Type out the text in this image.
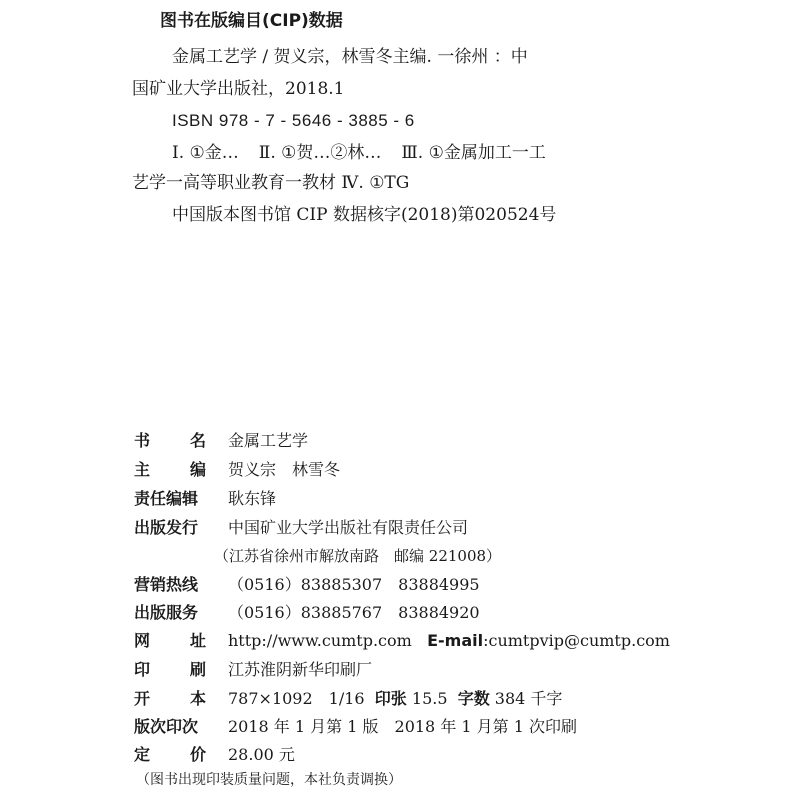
图书在版编目(CIP)数据
金属工艺学 / 贺义宗，林雪冬主编. 一徐州 ：中
国矿业大学出版社，2018.1
ISBN 978 - 7 - 5646 - 3885 - 6
Ⅰ. ①金… Ⅱ. ①贺…②林… Ⅲ. ①金属加工一工
艺学一高等职业教育一教材 Ⅳ. ①TG
中国版本图书馆 CIP 数据核字(2018)第020524号
书 名 金属工艺学
主 编 贺义宗　林雪冬
责任编辑	耿东锋
出版发行	中国矿业大学出版社有限责任公司
（江苏省徐州市解放南路　邮编 221008）
营销热线	（0516）83885307　83884995
出版服务	（0516）83885767　83884920
网 址 http://www.cumtp.com E-mail:cumtpvip@cumtp.com
印 刷 江苏淮阴新华印刷厂
开 本 787×1092　1/16 印张 15.5 字数 384 千字
版次印次	2018 年 1 月第 1 版　2018 年 1 月第 1 次印刷
定 价 28.00 元
（图书出现印装质量问题，本社负责调换）
